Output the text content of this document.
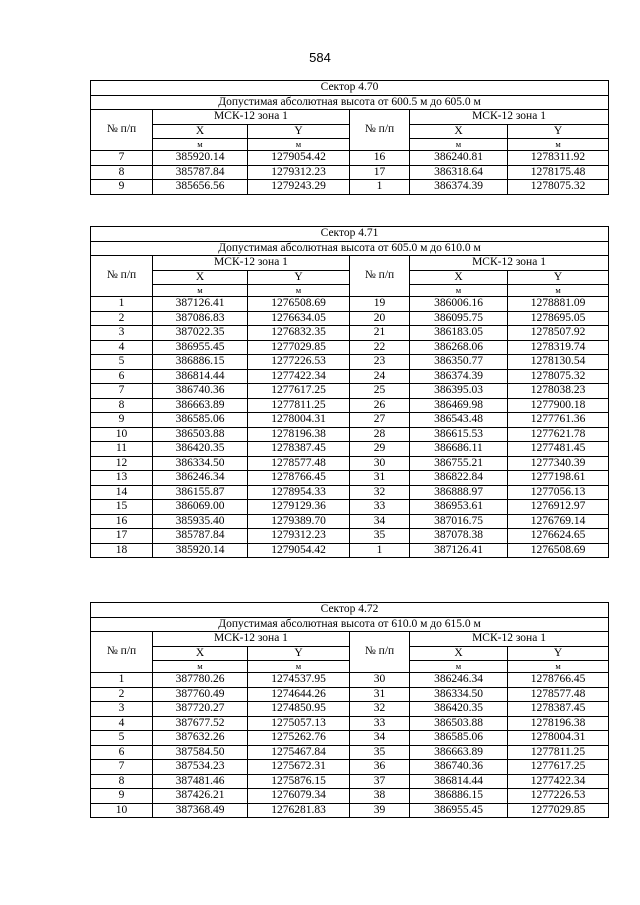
584
Сектор 4.70					
Допустимая абсолютная высота от 600.5 м до 605.0 м					
№ п/п	МСК-12 зона 1		№ п/п	МСК-12 зона 1	
	X	Y		X	Y
	м	м		м	м
7	385920.14	1279054.42	16	386240.81	1278311.92
8	385787.84	1279312.23	17	386318.64	1278175.48
9	385656.56	1279243.29	1	386374.39	1278075.32
Сектор 4.71					
Допустимая абсолютная высота от 605.0 м до 610.0 м					
№ п/п	МСК-12 зона 1		№ п/п	МСК-12 зона 1	
	X	Y		X	Y
	м	м		м	м
1	387126.41	1276508.69	19	386006.16	1278881.09
2	387086.83	1276634.05	20	386095.75	1278695.05
3	387022.35	1276832.35	21	386183.05	1278507.92
4	386955.45	1277029.85	22	386268.06	1278319.74
5	386886.15	1277226.53	23	386350.77	1278130.54
6	386814.44	1277422.34	24	386374.39	1278075.32
7	386740.36	1277617.25	25	386395.03	1278038.23
8	386663.89	1277811.25	26	386469.98	1277900.18
9	386585.06	1278004.31	27	386543.48	1277761.36
10	386503.88	1278196.38	28	386615.53	1277621.78
11	386420.35	1278387.45	29	386686.11	1277481.45
12	386334.50	1278577.48	30	386755.21	1277340.39
13	386246.34	1278766.45	31	386822.84	1277198.61
14	386155.87	1278954.33	32	386888.97	1277056.13
15	386069.00	1279129.36	33	386953.61	1276912.97
16	385935.40	1279389.70	34	387016.75	1276769.14
17	385787.84	1279312.23	35	387078.38	1276624.65
18	385920.14	1279054.42	1	387126.41	1276508.69
Сектор 4.72					
Допустимая абсолютная высота от 610.0 м до 615.0 м					
№ п/п	МСК-12 зона 1		№ п/п	МСК-12 зона 1	
	X	Y		X	Y
	м	м		м	м
1	387780.26	1274537.95	30	386246.34	1278766.45
2	387760.49	1274644.26	31	386334.50	1278577.48
3	387720.27	1274850.95	32	386420.35	1278387.45
4	387677.52	1275057.13	33	386503.88	1278196.38
5	387632.26	1275262.76	34	386585.06	1278004.31
6	387584.50	1275467.84	35	386663.89	1277811.25
7	387534.23	1275672.31	36	386740.36	1277617.25
8	387481.46	1275876.15	37	386814.44	1277422.34
9	387426.21	1276079.34	38	386886.15	1277226.53
10	387368.49	1276281.83	39	386955.45	1277029.85
